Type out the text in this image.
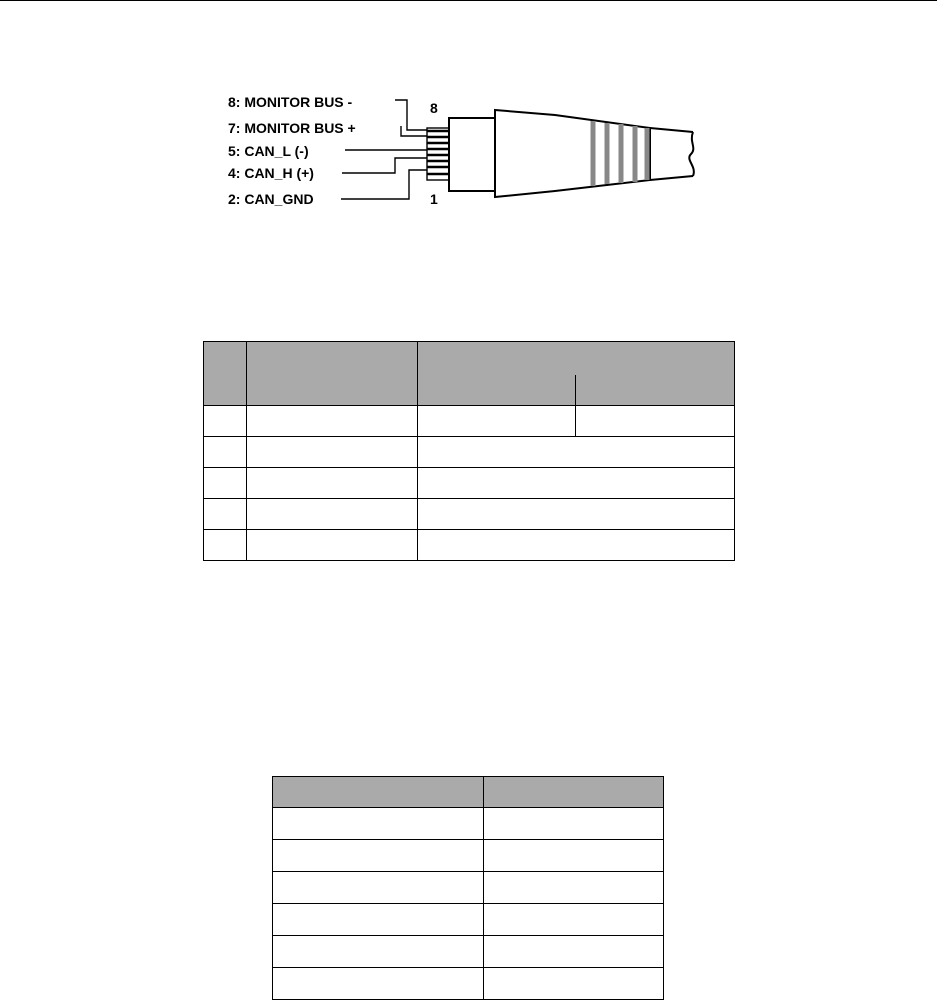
8: MONITOR BUS -
7: MONITOR BUS +
5: CAN_L (-)
4: CAN_H (+)
2: CAN_GND
8
1
